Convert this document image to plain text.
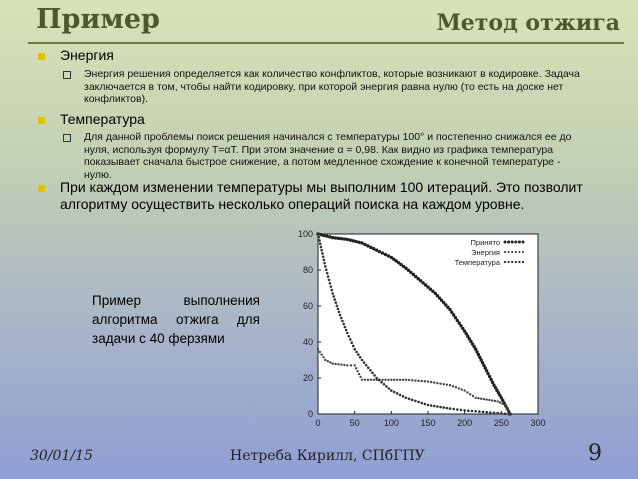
Пример	Метод отжига
Энергия
Энергия решения определяется как количество конфликтов, которые возникают в кодировке. Задача заключается в том, чтобы найти кодировку, при которой энергия равна нулю (то есть на доске нет конфликтов).
Температура
Для данной проблемы поиск решения начинался с температуры 100° и постепенно снижался ее до нуля, используя формулу T=αT. При этом значение α = 0,98. Как видно из графика температура показывает сначала быстрое снижение, а потом медленное схождение к конечной температуре - нулю.
При каждом изменении температуры мы выполним 100 итераций. Это позволит алгоритму осуществить несколько операций поиска на каждом уровне.
Пример выполнения алгоритма отжига для задачи с 40 ферзями
0	50	100 150 200 250 300
0
20
40
60
80
100
Принято
Энергия
Температура
30/01/15	Нетреба Кирилл, СПбГПУ	9
